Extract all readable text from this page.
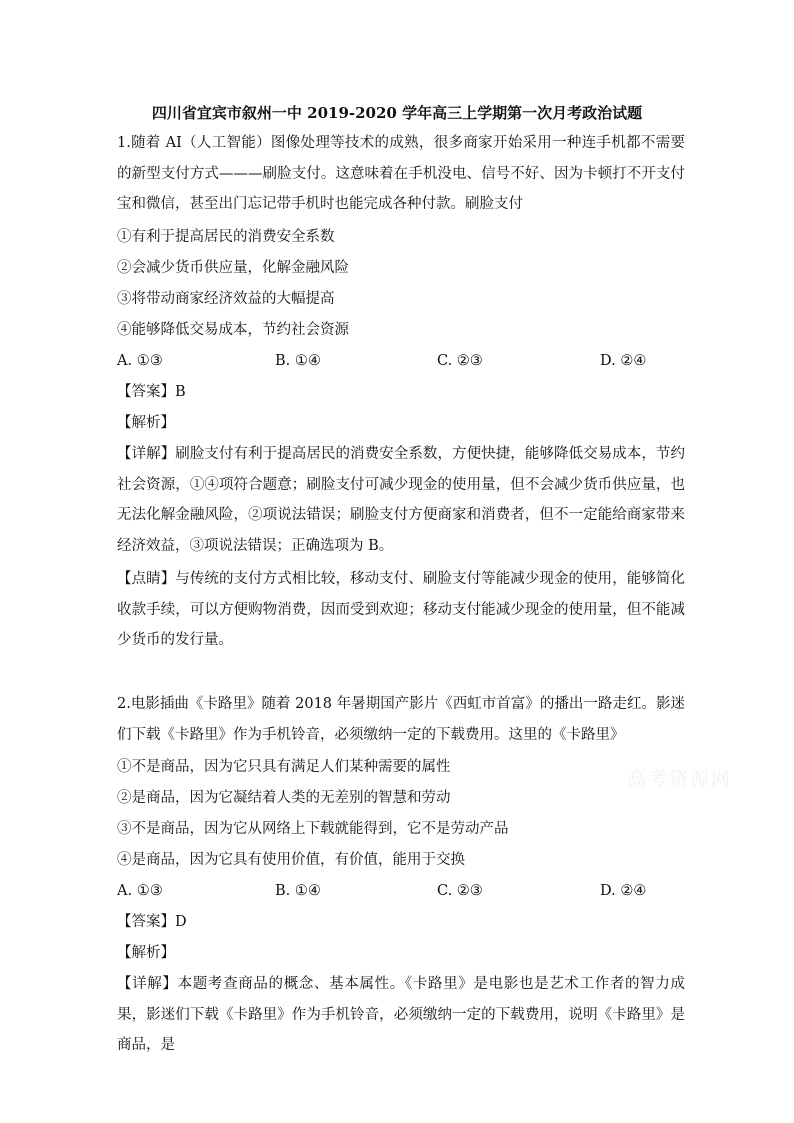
四川省宜宾市叙州一中 2019-2020 学年高三上学期第一次月考政治试题

1.随着 AI（人工智能）图像处理等技术的成熟，很多商家开始采用一种连手机都不需要的新型支付方式———刷脸支付。这意味着在手机没电、信号不好、因为卡顿打不开支付宝和微信，甚至出门忘记带手机时也能完成各种付款。刷脸支付

①有利于提高居民的消费安全系数

②会减少货币供应量，化解金融风险

③将带动商家经济效益的大幅提高

④能够降低交易成本，节约社会资源

A. ①③	B. ①④	C. ②③	D. ②④

【答案】B

【解析】

【详解】刷脸支付有利于提高居民的消费安全系数，方便快捷，能够降低交易成本，节约社会资源，①④项符合题意；刷脸支付可减少现金的使用量，但不会减少货币供应量，也无法化解金融风险，②项说法错误；刷脸支付方便商家和消费者，但不一定能给商家带来经济效益，③项说法错误；正确选项为 B。

【点睛】与传统的支付方式相比较，移动支付、刷脸支付等能减少现金的使用，能够简化收款手续，可以方便购物消费，因而受到欢迎；移动支付能减少现金的使用量，但不能减少货币的发行量。

2.电影插曲《卡路里》随着 2018 年暑期国产影片《西虹市首富》的播出一路走红。影迷们下载《卡路里》作为手机铃音，必须缴纳一定的下载费用。这里的《卡路里》

①不是商品，因为它只具有满足人们某种需要的属性

②是商品，因为它凝结着人类的无差别的智慧和劳动

③不是商品，因为它从网络上下载就能得到，它不是劳动产品

④是商品，因为它具有使用价值，有价值，能用于交换

A. ①③	B. ①④	C. ②③	D. ②④

【答案】D

【解析】

【详解】本题考查商品的概念、基本属性。《卡路里》是电影也是艺术工作者的智力成果，影迷们下载《卡路里》作为手机铃音，必须缴纳一定的下载费用，说明《卡路里》是商品，是

高考资源网
